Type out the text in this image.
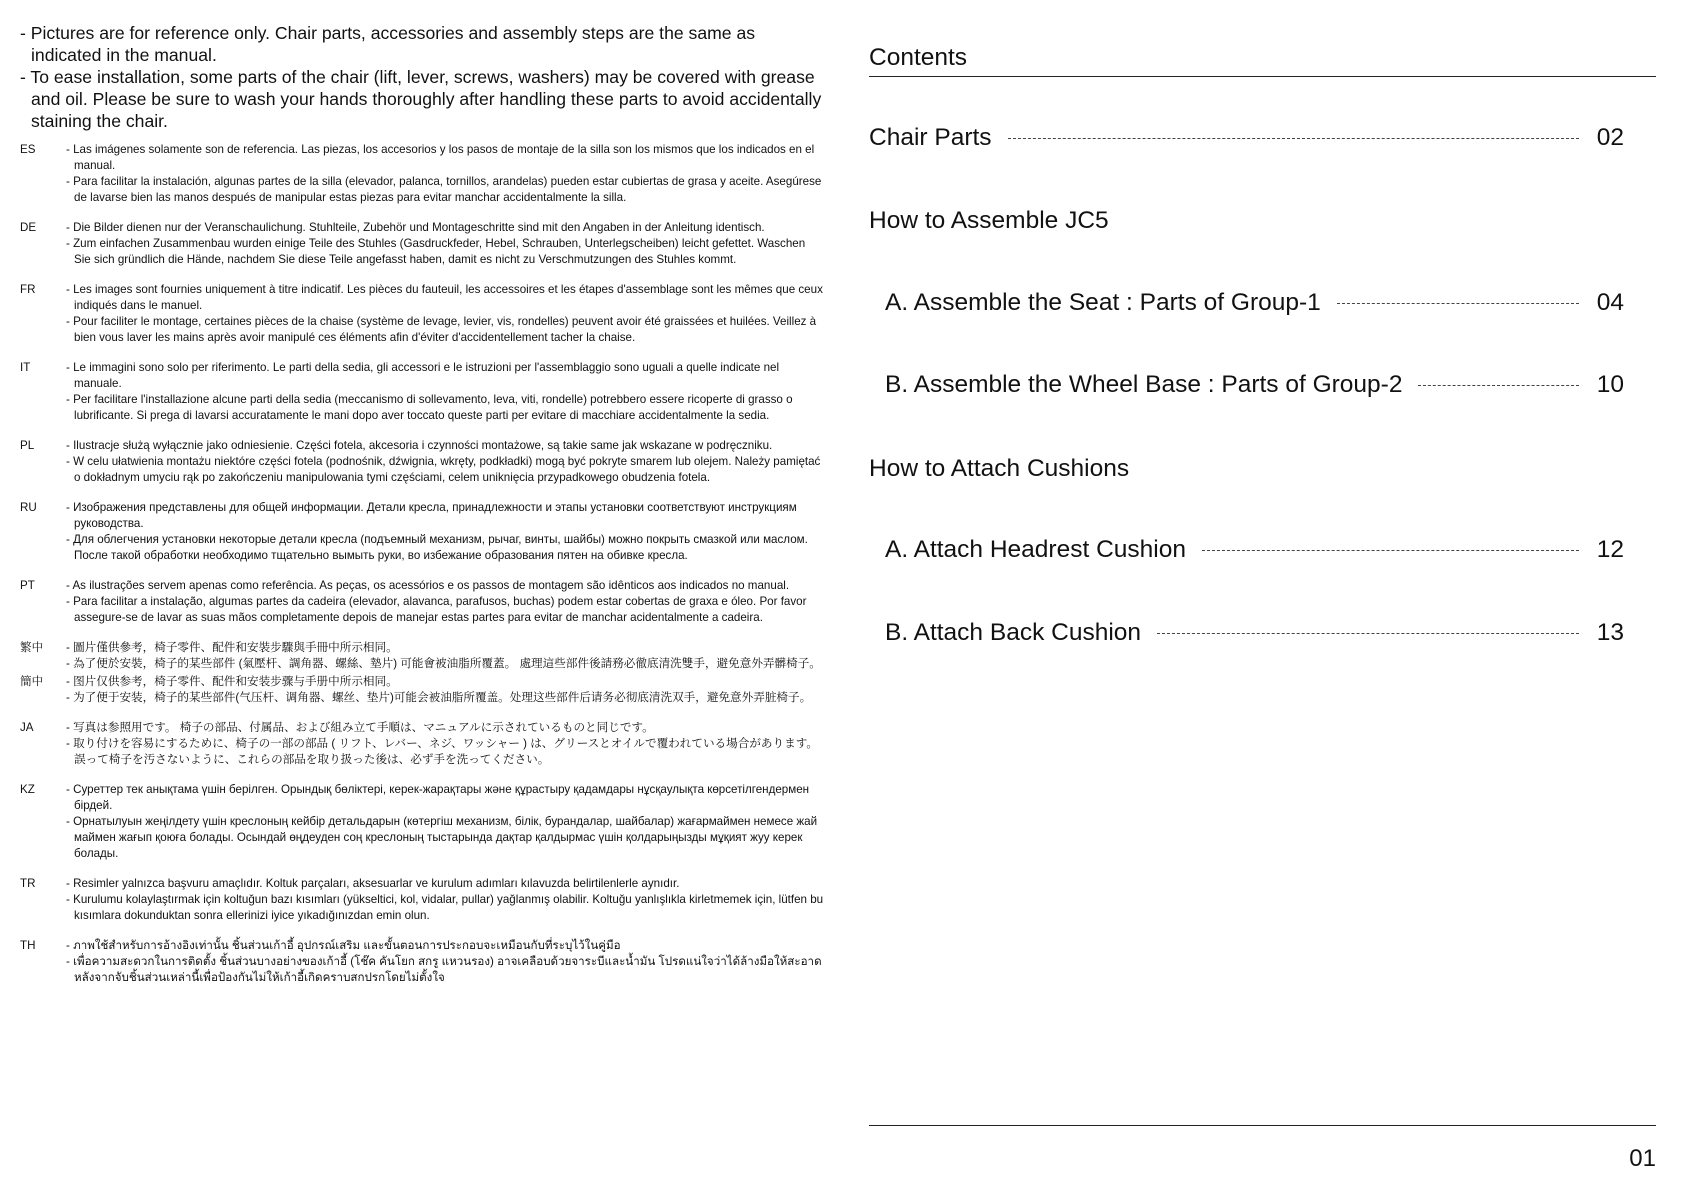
- Pictures are for reference only. Chair parts, accessories and assembly steps are the same as indicated in the manual.
- To ease installation, some parts of the chair (lift, lever, screws, washers) may be covered with grease and oil. Please be sure to wash your hands thoroughly after handling these parts to avoid accidentally staining the chair.
ES	- Las imágenes solamente son de referencia. Las piezas, los accesorios y los pasos de montaje de la silla son los mismos que los indicados en el manual.
- Para facilitar la instalación, algunas partes de la silla (elevador, palanca, tornillos, arandelas) pueden estar cubiertas de grasa y aceite. Asegúrese de lavarse bien las manos después de manipular estas piezas para evitar manchar accidentalmente la silla.
DE	- Die Bilder dienen nur der Veranschaulichung. Stuhlteile, Zubehör und Montageschritte sind mit den Angaben in der Anleitung identisch.
- Zum einfachen Zusammenbau wurden einige Teile des Stuhles (Gasdruckfeder, Hebel, Schrauben, Unterlegscheiben) leicht gefettet. Waschen Sie sich gründlich die Hände, nachdem Sie diese Teile angefasst haben, damit es nicht zu Verschmutzungen des Stuhles kommt.
FR	- Les images sont fournies uniquement à titre indicatif. Les pièces du fauteuil, les accessoires et les étapes d'assemblage sont les mêmes que ceux indiqués dans le manuel.
- Pour faciliter le montage, certaines pièces de la chaise (système de levage, levier, vis, rondelles) peuvent avoir été graissées et huilées. Veillez à bien vous laver les mains après avoir manipulé ces éléments afin d'éviter d'accidentellement tacher la chaise.
IT	- Le immagini sono solo per riferimento. Le parti della sedia, gli accessori e le istruzioni per l'assemblaggio sono uguali a quelle indicate nel manuale.
- Per facilitare l'installazione alcune parti della sedia (meccanismo di sollevamento, leva, viti, rondelle) potrebbero essere ricoperte di grasso o lubrificante. Si prega di lavarsi accuratamente le mani dopo aver toccato queste parti per evitare di macchiare accidentalmente la sedia.
PL	- Ilustracje służą wyłącznie jako odniesienie. Części fotela, akcesoria i czynności montażowe, są takie same jak wskazane w podręczniku.
- W celu ułatwienia montażu niektóre części fotela (podnośnik, dźwignia, wkręty, podkładki) mogą być pokryte smarem lub olejem. Należy pamiętać o dokładnym umyciu rąk po zakończeniu manipulowania tymi częściami, celem uniknięcia przypadkowego obudzenia fotela.
RU	- Изображения представлены для общей информации. Детали кресла, принадлежности и этапы установки соответствуют инструкциям руководства.
- Для облегчения установки некоторые детали кресла (подъемный механизм, рычаг, винты, шайбы) можно покрыть смазкой или маслом. После такой обработки необходимо тщательно вымыть руки, во избежание образования пятен на обивке кресла.
PT	- As ilustrações servem apenas como referência. As peças, os acessórios e os passos de montagem são idênticos aos indicados no manual.
- Para facilitar a instalação, algumas partes da cadeira (elevador, alavanca, parafusos, buchas) podem estar cobertas de graxa e óleo. Por favor assegure-se de lavar as suas mãos completamente depois de manejar estas partes para evitar de manchar acidentalmente a cadeira.
繁中	- 圖片僅供參考，椅子零件、配件和安裝步驟與手冊中所示相同。
- 為了便於安裝，椅子的某些部件 (氣壓杆、調角器、螺絲、墊片) 可能會被油脂所覆蓋。 處理這些部件後請務必徹底清洗雙手，避免意外弄髒椅子。
簡中	- 图片仅供参考，椅子零件、配件和安装步骤与手册中所示相同。
- 为了便于安装，椅子的某些部件(气压杆、调角器、螺丝、垫片)可能会被油脂所覆盖。处理这些部件后请务必彻底清洗双手，避免意外弄脏椅子。
JA	- 写真は参照用です。 椅子の部品、付属品、および組み立て手順は、マニュアルに示されているものと同じです。
- 取り付けを容易にするために、椅子の一部の部品 ( リフト、レバー、ネジ、ワッシャー ) は、グリースとオイルで覆われている場合があります。誤って椅子を汚さないように、これらの部品を取り扱った後は、必ず手を洗ってください。
KZ	- Суреттер тек анықтама үшін берілген. Орындық бөліктері, керек-жарақтары және құрастыру қадамдары нұсқаулықта көрсетілгендермен бірдей.
- Орнатылуын жеңілдету үшін креслоның кейбір детальдарын (көтергіш механизм, білік, бурандалар, шайбалар) жағармаймен немесе жай маймен жағып қоюға болады. Осындай өңдеуден соң креслоның тыстарында дақтар қалдырмас үшін қолдарыңызды мұқият жуу керек болады.
TR	- Resimler yalnızca başvuru amaçlıdır. Koltuk parçaları, aksesuarlar ve kurulum adımları kılavuzda belirtilenlerle aynıdır.
- Kurulumu kolaylaştırmak için koltuğun bazı kısımları (yükseltici, kol, vidalar, pullar) yağlanmış olabilir. Koltuğu yanlışlıkla kirletmemek için, lütfen bu kısımlara dokunduktan sonra ellerinizi iyice yıkadığınızdan emin olun.
TH	- ภาพใช้สำหรับการอ้างอิงเท่านั้น ชิ้นส่วนเก้าอี้ อุปกรณ์เสริม และขั้นตอนการประกอบจะเหมือนกับที่ระบุไว้ในคู่มือ
- เพื่อความสะดวกในการติดตั้ง ชิ้นส่วนบางอย่างของเก้าอี้ (โช๊ค คันโยก สกรู แหวนรอง) อาจเคลือบด้วยจาระบีและน้ำมัน โปรดแน่ใจว่าได้ล้างมือให้สะอาดหลังจากจับชิ้นส่วนเหล่านี้เพื่อป้องกันไม่ให้เก้าอี้เกิดคราบสกปรกโดยไม่ตั้งใจ
Contents
Chair Parts	02
How to Assemble JC5
A. Assemble the Seat : Parts of Group-1	04
B. Assemble the Wheel Base : Parts of Group-2	10
How to Attach Cushions
A. Attach Headrest Cushion	12
B. Attach Back Cushion	13
01
